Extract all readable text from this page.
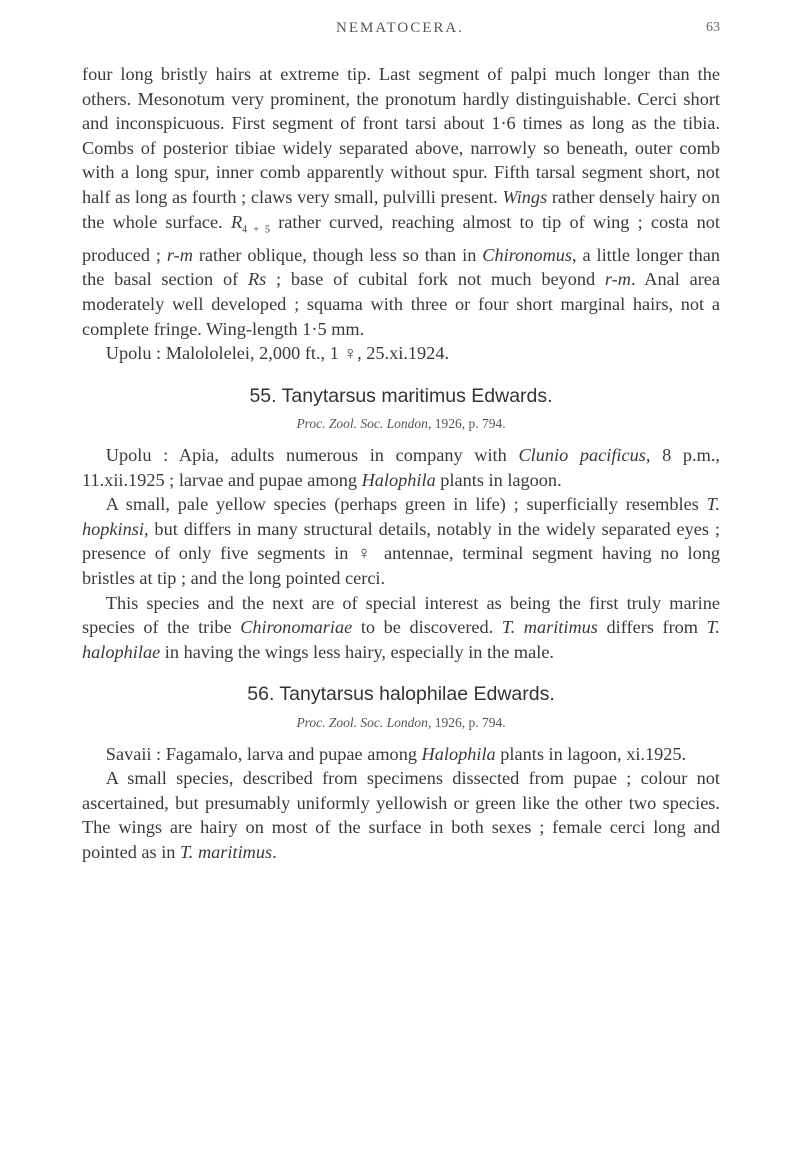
NEMATOCERA.	63

four long bristly hairs at extreme tip. Last segment of palpi much longer than the others. Mesonotum very prominent, the pronotum hardly distinguishable. Cerci short and inconspicuous. First segment of front tarsi about 1·6 times as long as the tibia. Combs of posterior tibiae widely separated above, narrowly so beneath, outer comb with a long spur, inner comb apparently without spur. Fifth tarsal segment short, not half as long as fourth ; claws very small, pulvilli present. Wings rather densely hairy on the whole surface. $R_{4 + 5}$ rather curved, reaching almost to tip of wing ; costa not produced ; r-m rather oblique, though less so than in Chironomus, a little longer than the basal section of Rs ; base of cubital fork not much beyond r-m. Anal area moderately well developed ; squama with three or four short marginal hairs, not a complete fringe. Wing-length 1·5 mm.

Upolu : Malololelei, 2,000 ft., 1 ♀, 25.xi.1924.

55. Tanytarsus maritimus Edwards.

Proc. Zool. Soc. London, 1926, p. 794.

Upolu : Apia, adults numerous in company with Clunio pacificus, 8 p.m., 11.xii.1925 ; larvae and pupae among Halophila plants in lagoon.

A small, pale yellow species (perhaps green in life) ; superficially resembles T. hopkinsi, but differs in many structural details, notably in the widely separated eyes ; presence of only five segments in ♀ antennae, terminal segment having no long bristles at tip ; and the long pointed cerci.

This species and the next are of special interest as being the first truly marine species of the tribe Chironomariae to be discovered. T. maritimus differs from T. halophilae in having the wings less hairy, especially in the male.

56. Tanytarsus halophilae Edwards.

Proc. Zool. Soc. London, 1926, p. 794.

Savaii : Fagamalo, larva and pupae among Halophila plants in lagoon, xi.1925.

A small species, described from specimens dissected from pupae ; colour not ascertained, but presumably uniformly yellowish or green like the other two species. The wings are hairy on most of the surface in both sexes ; female cerci long and pointed as in T. maritimus.
